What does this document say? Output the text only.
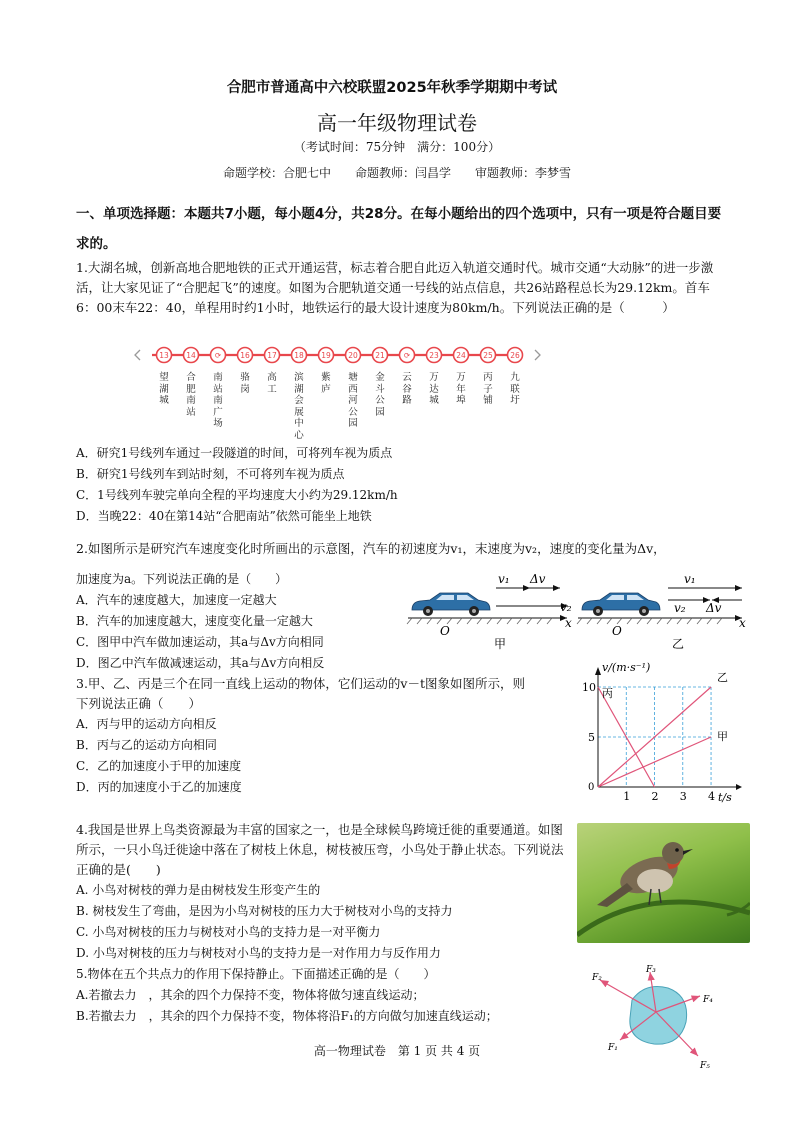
合肥市普通高中六校联盟2025年秋季学期期中考试
高一年级物理试卷
（考试时间：75分钟　满分：100分）
命题学校：合肥七中　　命题教师：闫昌学　　审题教师：李梦雪
一、单项选择题：本题共7小题，每小题4分，共28分。在每小题给出的四个选项中，只有一项是符合题目要求的。
1.大湖名城，创新高地合肥地铁的正式开通运营，标志着合肥自此迈入轨道交通时代。城市交通“大动脉”的进一步激活，让大家见证了“合肥起飞”的速度。如图为合肥轨道交通一号线的站点信息，共26站路程总长为29.12km。首车6：00末车22：40，单程用时约1小时，地铁运行的最大设计速度为80km/h。下列说法正确的是（　　　）
13 14	⟳	16 17 18 19 20 21	⟳	23 24 25 26
望湖城
合肥南站
南站南广场
骆岗
高工
滨湖会展中心
紫庐
塘西河公园
金斗公园
云谷路
万达城
万年埠
丙子铺
九联圩
A．研究1号线列车通过一段隧道的时间，可将列车视为质点
B．研究1号线列车到站时刻，不可将列车视为质点
C．1号线列车驶完单向全程的平均速度大小约为29.12km/h
D．当晚22：40在第14站“合肥南站”依然可能坐上地铁
2.如图所示是研究汽车速度变化时所画出的示意图，汽车的初速度为v₁，末速度为v₂，速度的变化量为Δv，
加速度为a。下列说法正确的是（　　）
A．汽车的速度越大，加速度一定越大
B．汽车的加速度越大，速度变化量一定越大
C．图甲中汽车做加速运动，其a与Δv方向相同
D．图乙中汽车做减速运动，其a与Δv方向相反
v₁ Δv
v₂
x
O
甲
v₁
v₂ Δv
x
O
乙
3.甲、乙、丙是三个在同一直线上运动的物体，它们运动的v－t图象如图所示，则下列说法正确（　　）
A．丙与甲的运动方向相反
B．丙与乙的运动方向相同
C．乙的加速度小于甲的加速度
D．丙的加速度小于乙的加速度
甲
乙
丙
1 2 3 4
0
5
10
v/(m·s⁻¹)
t/s
4.我国是世界上鸟类资源最为丰富的国家之一，也是全球候鸟跨境迁徙的重要通道。如图所示，一只小鸟迁徙途中落在了树枝上休息，树枝被压弯，小鸟处于静止状态。下列说法正确的是(　　)
A. 小鸟对树枝的弹力是由树枝发生形变产生的
B. 树枝发生了弯曲，是因为小鸟对树枝的压力大于树枝对小鸟的支持力
C. 小鸟对树枝的压力与树枝对小鸟的支持力是一对平衡力
D. 小鸟对树枝的压力与树枝对小鸟的支持力是一对作用力与反作用力
5.物体在五个共点力的作用下保持静止。下面描述正确的是（　　）
A.若撤去力　，其余的四个力保持不变，物体将做匀速直线运动；
B.若撤去力　，其余的四个力保持不变，物体将沿F₁的方向做匀加速直线运动；
F₂
F₃
F₄
F₁
F₅
高一物理试卷　第 1 页 共 4 页
